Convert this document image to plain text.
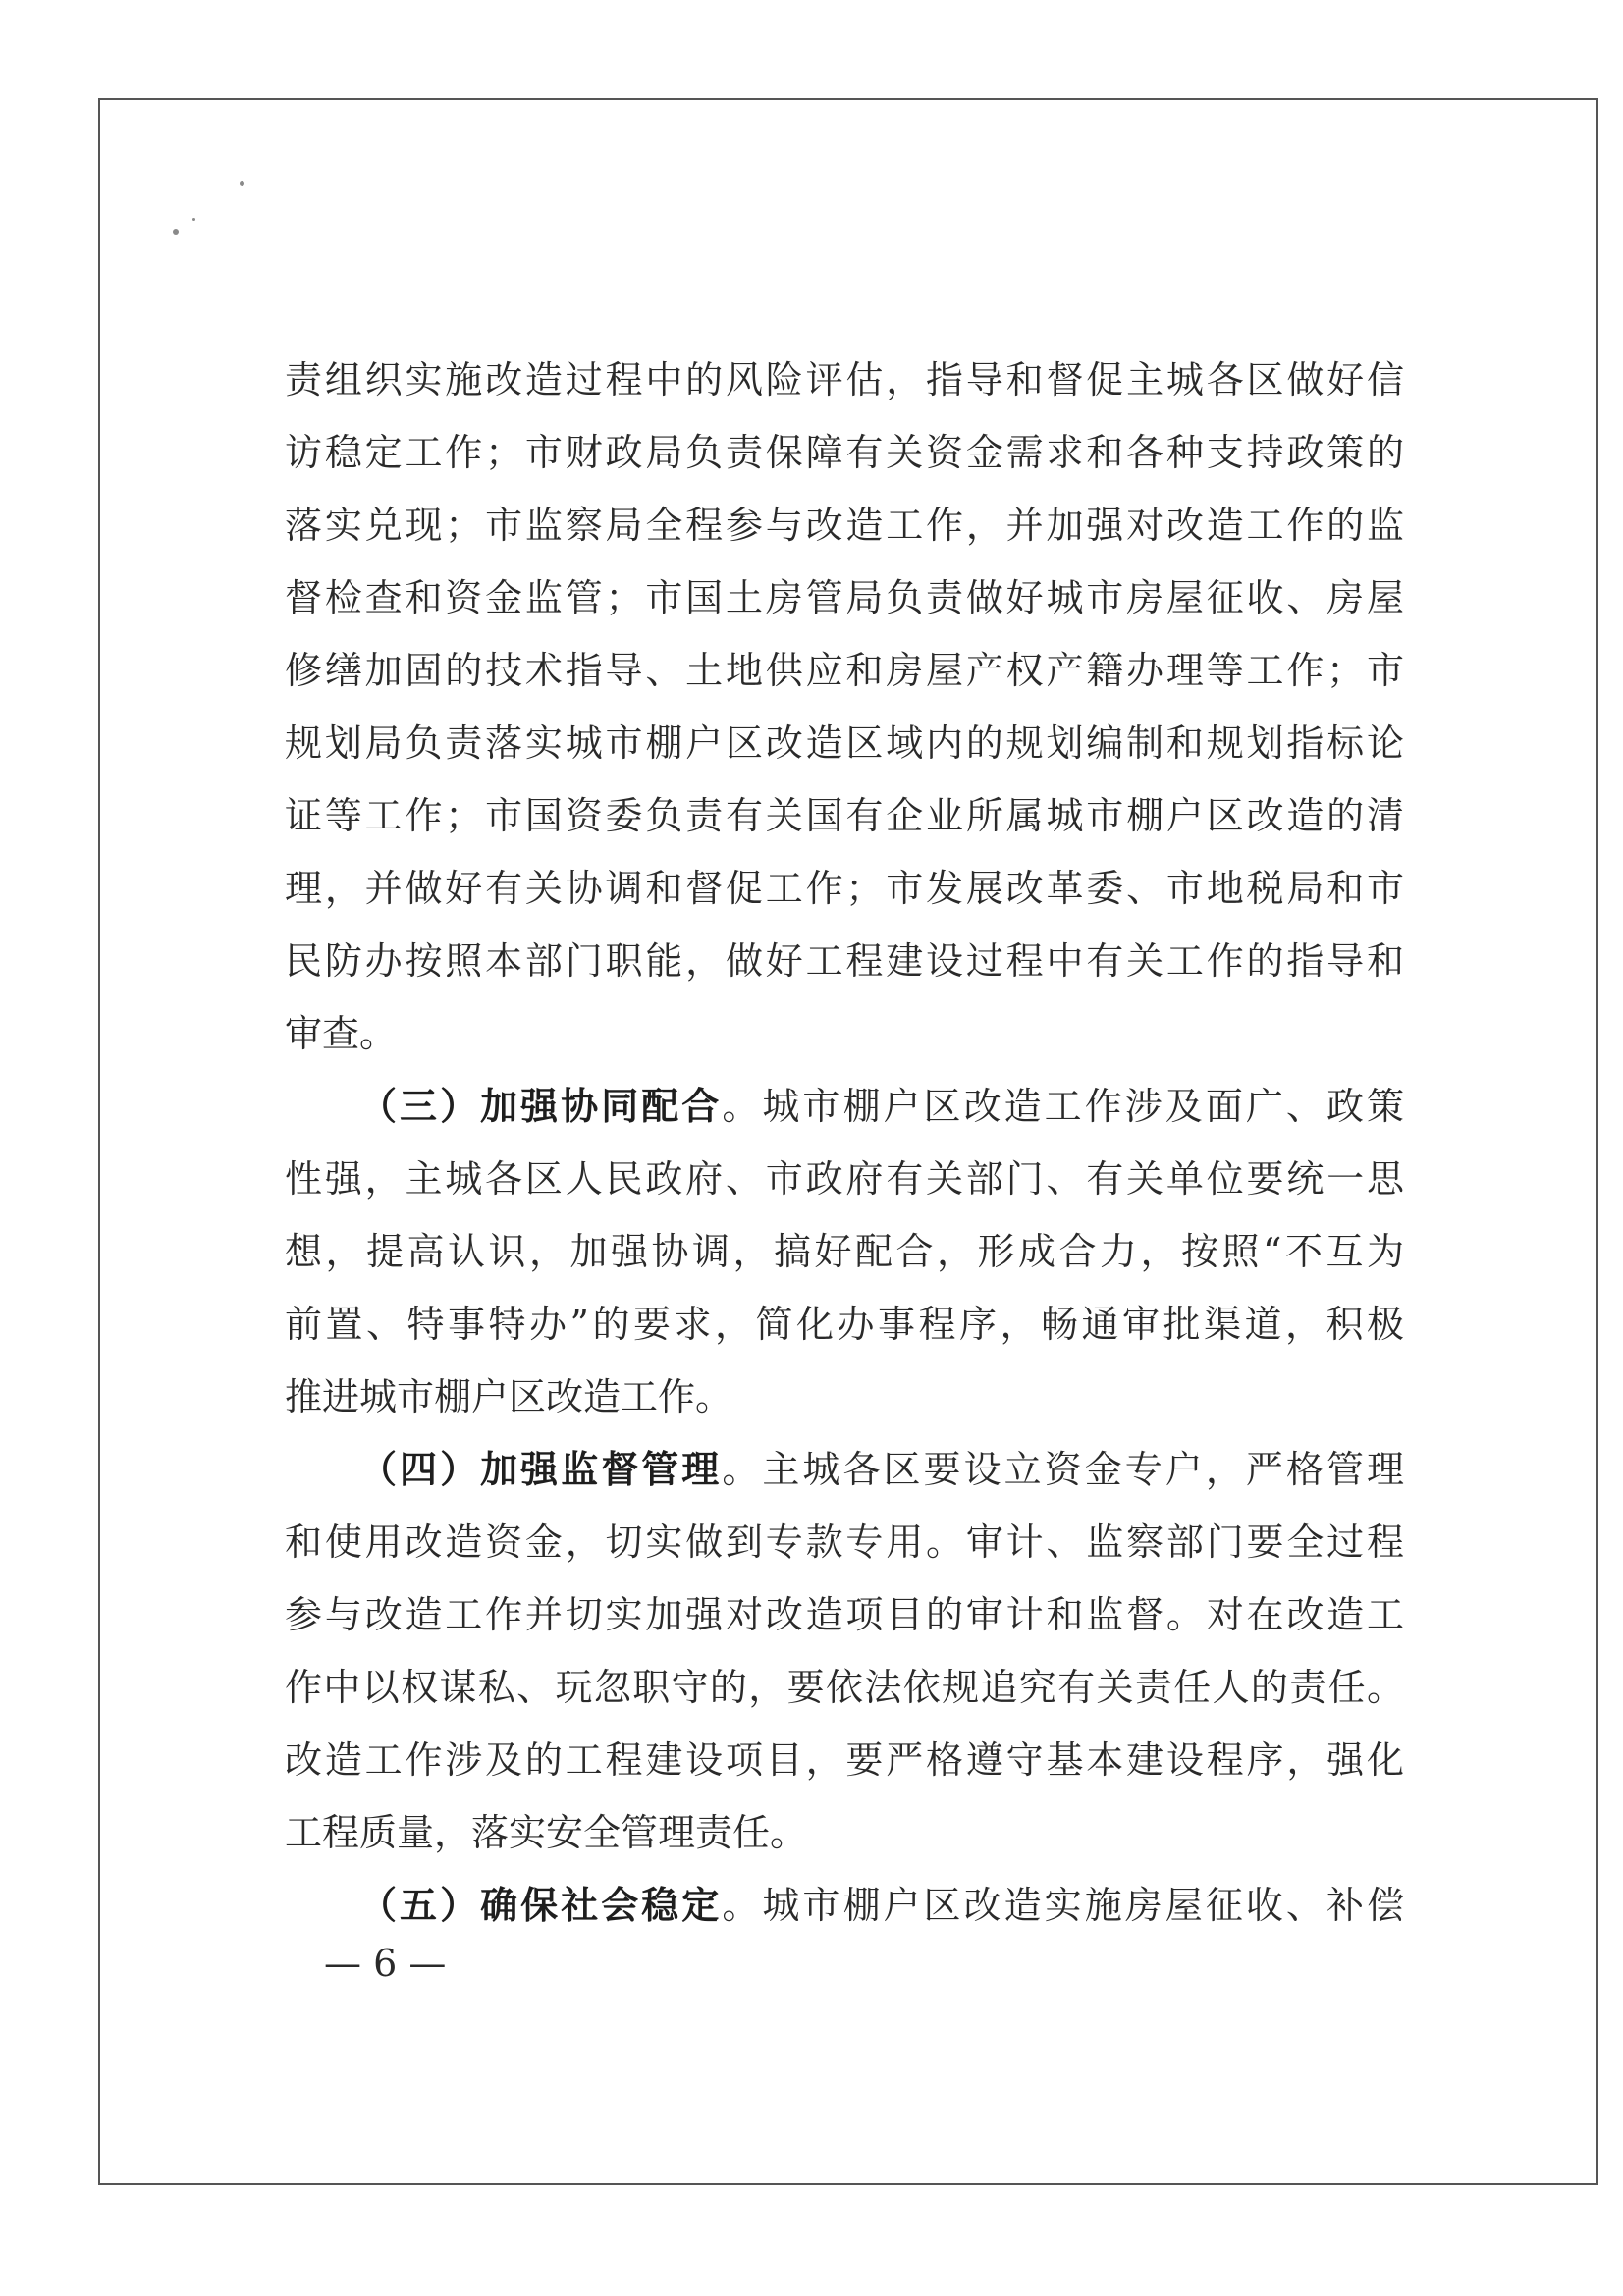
责组织实施改造过程中的风险评估，指导和督促主城各区做好信
访稳定工作；市财政局负责保障有关资金需求和各种支持政策的
落实兑现；市监察局全程参与改造工作，并加强对改造工作的监
督检查和资金监管；市国土房管局负责做好城市房屋征收、房屋
修缮加固的技术指导、土地供应和房屋产权产籍办理等工作；市
规划局负责落实城市棚户区改造区域内的规划编制和规划指标论
证等工作；市国资委负责有关国有企业所属城市棚户区改造的清
理，并做好有关协调和督促工作；市发展改革委、市地税局和市
民防办按照本部门职能，做好工程建设过程中有关工作的指导和
审查。
（三）加强协同配合。城市棚户区改造工作涉及面广、政策
性强，主城各区人民政府、市政府有关部门、有关单位要统一思
想，提高认识，加强协调，搞好配合，形成合力，按照“不互为
前置、特事特办”的要求，简化办事程序，畅通审批渠道，积极
推进城市棚户区改造工作。
（四）加强监督管理。主城各区要设立资金专户，严格管理
和使用改造资金，切实做到专款专用。审计、监察部门要全过程
参与改造工作并切实加强对改造项目的审计和监督。对在改造工
作中以权谋私、玩忽职守的，要依法依规追究有关责任人的责任。
改造工作涉及的工程建设项目，要严格遵守基本建设程序，强化
工程质量，落实安全管理责任。
（五）确保社会稳定。城市棚户区改造实施房屋征收、补偿
— 6 —
